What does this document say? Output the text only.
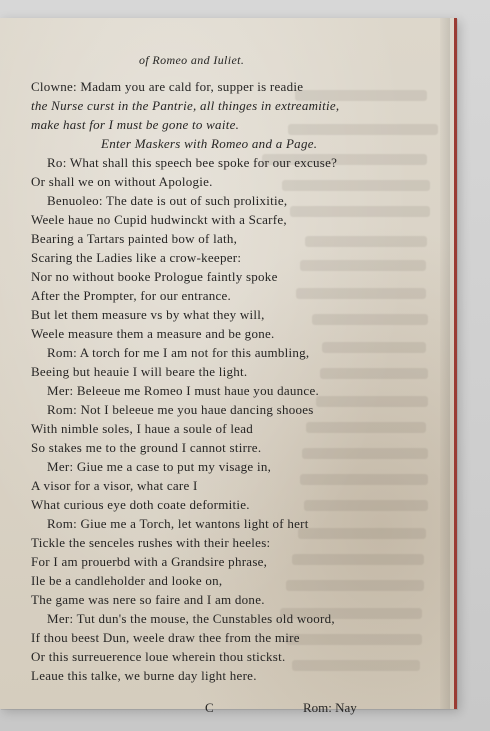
of Romeo and Iuliet.
Clowne: Madam you are cald for, supper is readie
the Nurse curst in the Pantrie, all thinges in extreamitie,
make hast for I must be gone to waite.
Enter Maskers with Romeo and a Page.
Ro: What shall this speech bee spoke for our excuse?
Or shall we on without Apologie.
Benuoleo: The date is out of such prolixitie,
Weele haue no Cupid hudwinckt with a Scarfe,
Bearing a Tartars painted bow of lath,
Scaring the Ladies like a crow-keeper:
Nor no without booke Prologue faintly spoke
After the Prompter, for our entrance.
But let them measure vs by what they will,
Weele measure them a measure and be gone.
Rom: A torch for me I am not for this aumbling,
Beeing but heauie I will beare the light.
Mer: Beleeue me Romeo I must haue you daunce.
Rom: Not I beleeue me you haue dancing shooes
With nimble soles, I haue a soule of lead
So stakes me to the ground I cannot stirre.
Mer: Giue me a case to put my visage in,
A visor for a visor, what care I
What curious eye doth coate deformitie.
Rom: Giue me a Torch, let wantons light of hert
Tickle the senceles rushes with their heeles:
For I am prouerbd with a Grandsire phrase,
Ile be a candleholder and looke on,
The game was nere so faire and I am done.
Mer: Tut dun's the mouse, the Cunstables old woord,
If thou beest Dun, weele draw thee from the mire
Or this surreuerence loue wherein thou stickst.
Leaue this talke, we burne day light here.
C	Rom: Nay
